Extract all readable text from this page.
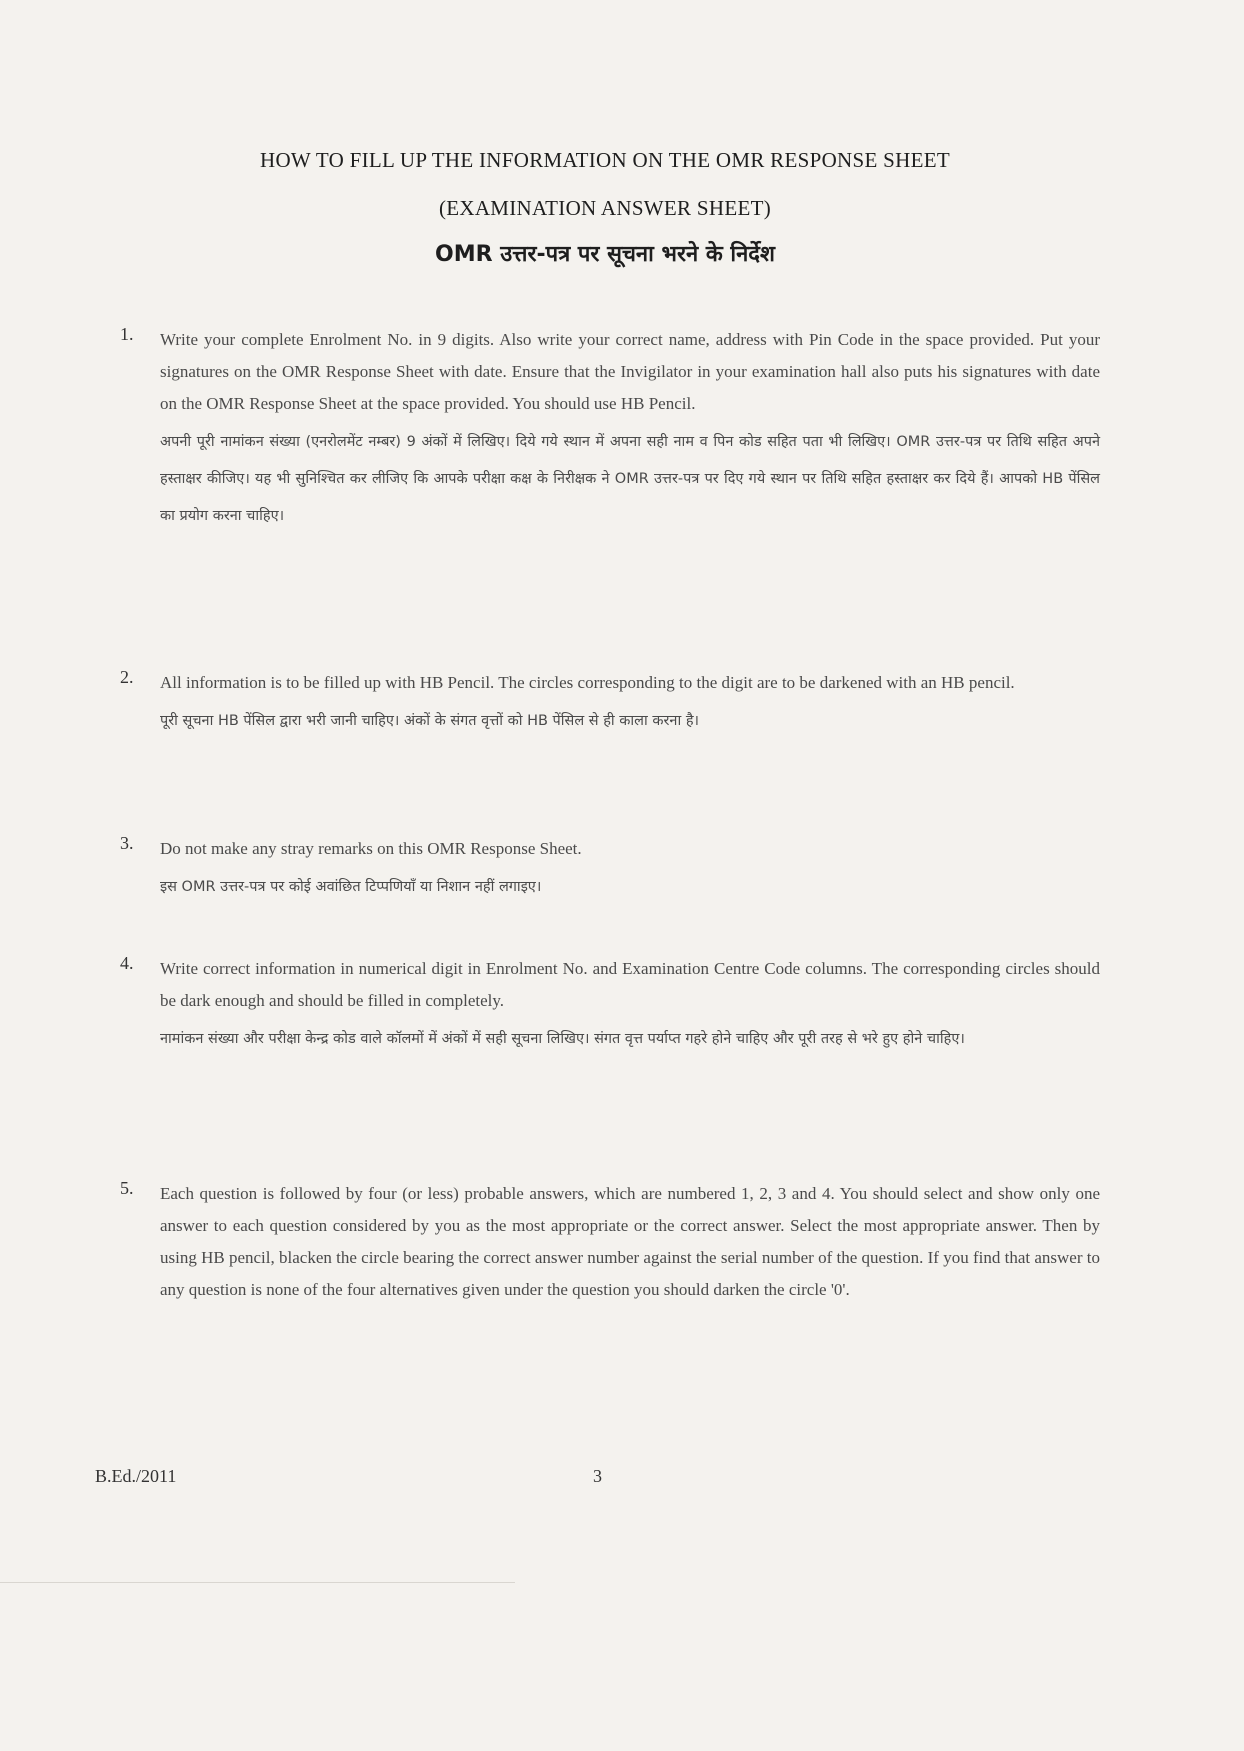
HOW TO FILL UP THE INFORMATION ON THE OMR RESPONSE SHEET
(EXAMINATION ANSWER SHEET)
OMR उत्तर-पत्र पर सूचना भरने के निर्देश
1. Write your complete Enrolment No. in 9 digits. Also write your correct name, address with Pin Code in the space provided. Put your signatures on the OMR Response Sheet with date. Ensure that the Invigilator in your examination hall also puts his signatures with date on the OMR Response Sheet at the space provided. You should use HB Pencil.
अपनी पूरी नामांकन संख्या (एनरोलमेंट नम्बर) 9 अंकों में लिखिए। दिये गये स्थान में अपना सही नाम व पिन कोड सहित पता भी लिखिए। OMR उत्तर-पत्र पर तिथि सहित अपने हस्ताक्षर कीजिए। यह भी सुनिश्चित कर लीजिए कि आपके परीक्षा कक्ष के निरीक्षक ने OMR उत्तर-पत्र पर दिए गये स्थान पर तिथि सहित हस्ताक्षर कर दिये हैं। आपको HB पेंसिल का प्रयोग करना चाहिए।
2. All information is to be filled up with HB Pencil. The circles corresponding to the digit are to be darkened with an HB pencil.
पूरी सूचना HB पेंसिल द्वारा भरी जानी चाहिए। अंकों के संगत वृत्तों को HB पेंसिल से ही काला करना है।
3. Do not make any stray remarks on this OMR Response Sheet.
इस OMR उत्तर-पत्र पर कोई अवांछित टिप्पणियाँ या निशान नहीं लगाइए।
4. Write correct information in numerical digit in Enrolment No. and Examination Centre Code columns. The corresponding circles should be dark enough and should be filled in completely.
नामांकन संख्या और परीक्षा केन्द्र कोड वाले कॉलमों में अंकों में सही सूचना लिखिए। संगत वृत्त पर्याप्त गहरे होने चाहिए और पूरी तरह से भरे हुए होने चाहिए।
5. Each question is followed by four (or less) probable answers, which are numbered 1, 2, 3 and 4. You should select and show only one answer to each question considered by you as the most appropriate or the correct answer. Select the most appropriate answer. Then by using HB pencil, blacken the circle bearing the correct answer number against the serial number of the question. If you find that answer to any question is none of the four alternatives given under the question you should darken the circle '0'.
B.Ed./2011	3
